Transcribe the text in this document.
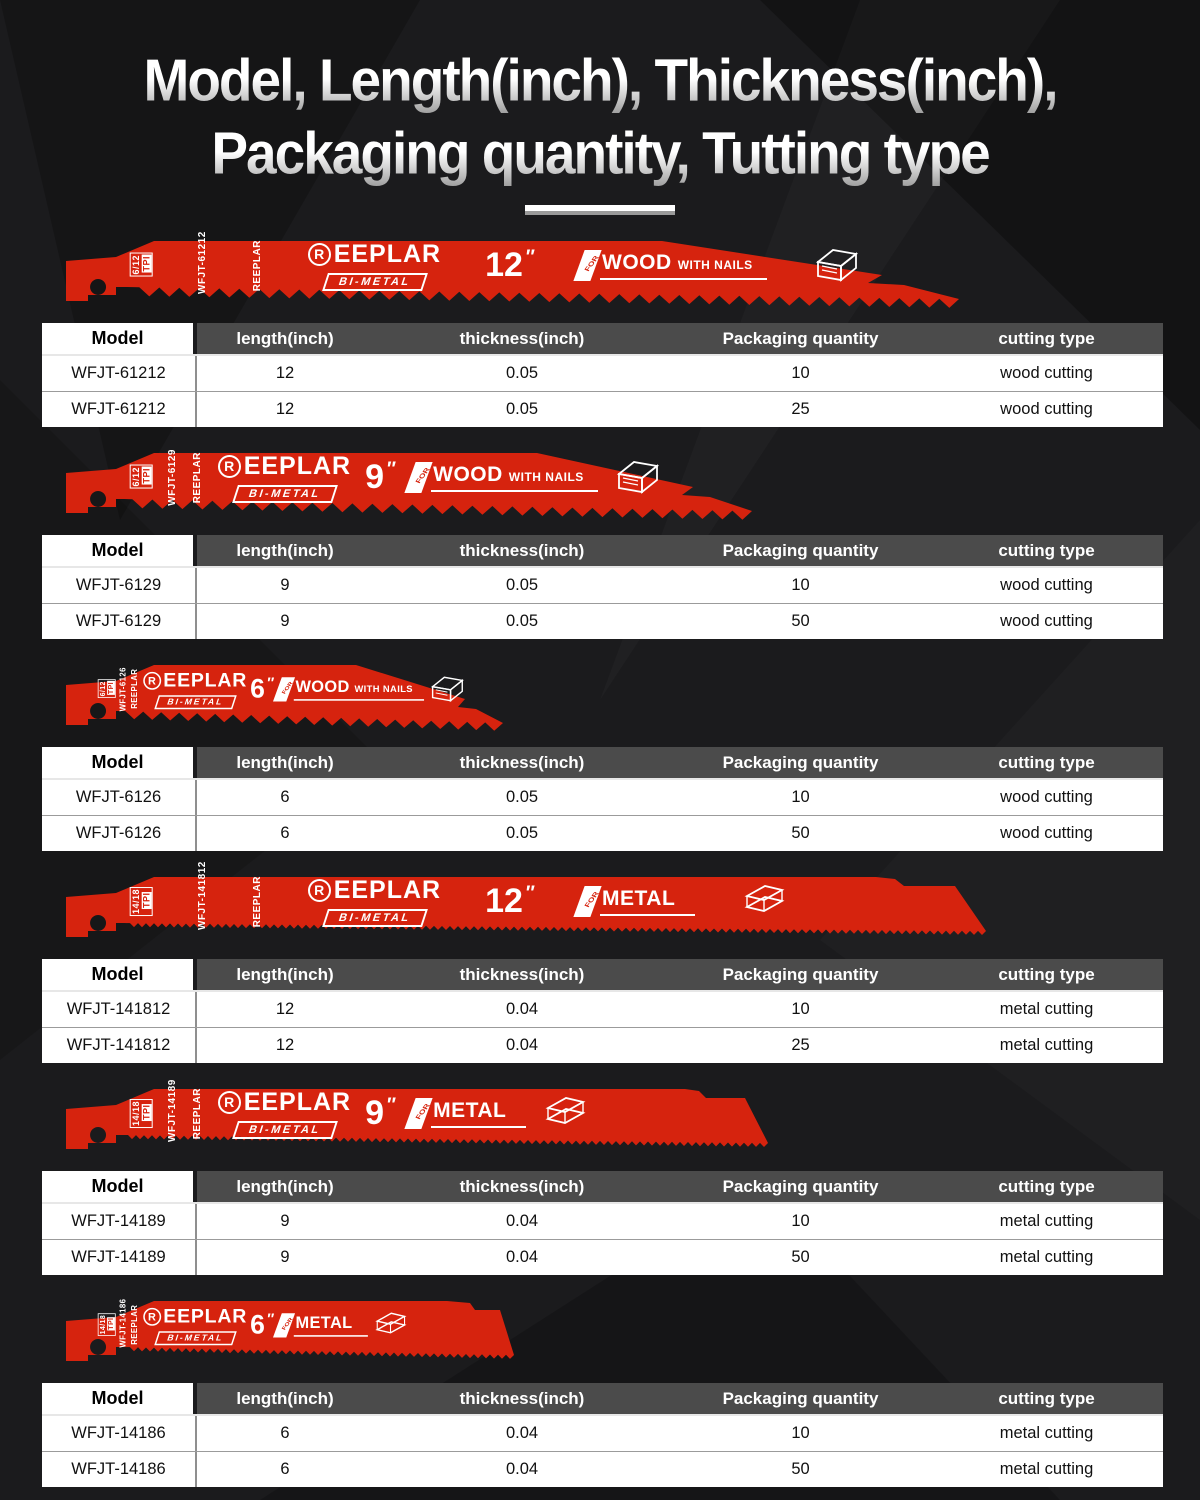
Model, Length(inch), Thickness(inch),
Packaging quantity, Tutting type
6/12 TPI	WFJT-61212	REEPLAR	R EEPLAR
BI-METAL	12 ″	FOR WOOD WITH NAILS
Model	length(inch)	thickness(inch)	Packaging quantity	cutting type
WFJT-61212	12	0.05	10	wood cutting
WFJT-61212	12	0.05	25	wood cutting
6/12 TPI WFJT-6129 REEPLAR	R EEPLAR
BI-METAL	9 ″ FOR WOOD WITH NAILS
Model	length(inch)	thickness(inch)	Packaging quantity	cutting type
WFJT-6129	9	0.05	10	wood cutting
WFJT-6129	9	0.05	50	wood cutting
6/12 TPI WFJT-6126 REEPLAR R EEPLAR
BI-METAL 6 ″ FOR WOOD WITH NAILS
Model	length(inch)	thickness(inch)	Packaging quantity	cutting type
WFJT-6126	6	0.05	10	wood cutting
WFJT-6126	6	0.05	50	wood cutting
14/18 TPI	WFJT-141812	REEPLAR	R EEPLAR
BI-METAL	12 ″	FOR METAL
Model	length(inch)	thickness(inch)	Packaging quantity	cutting type
WFJT-141812	12	0.04	10	metal cutting
WFJT-141812	12	0.04	25	metal cutting
14/18 TPI WFJT-14189 REEPLAR	R EEPLAR
BI-METAL	9 ″ FOR METAL
Model	length(inch)	thickness(inch)	Packaging quantity	cutting type
WFJT-14189	9	0.04	10	metal cutting
WFJT-14189	9	0.04	50	metal cutting
14/18 TPI WFJT-14186 REEPLAR R EEPLAR
BI-METAL 6 ″ FOR METAL
Model	length(inch)	thickness(inch)	Packaging quantity	cutting type
WFJT-14186	6	0.04	10	metal cutting
WFJT-14186	6	0.04	50	metal cutting
